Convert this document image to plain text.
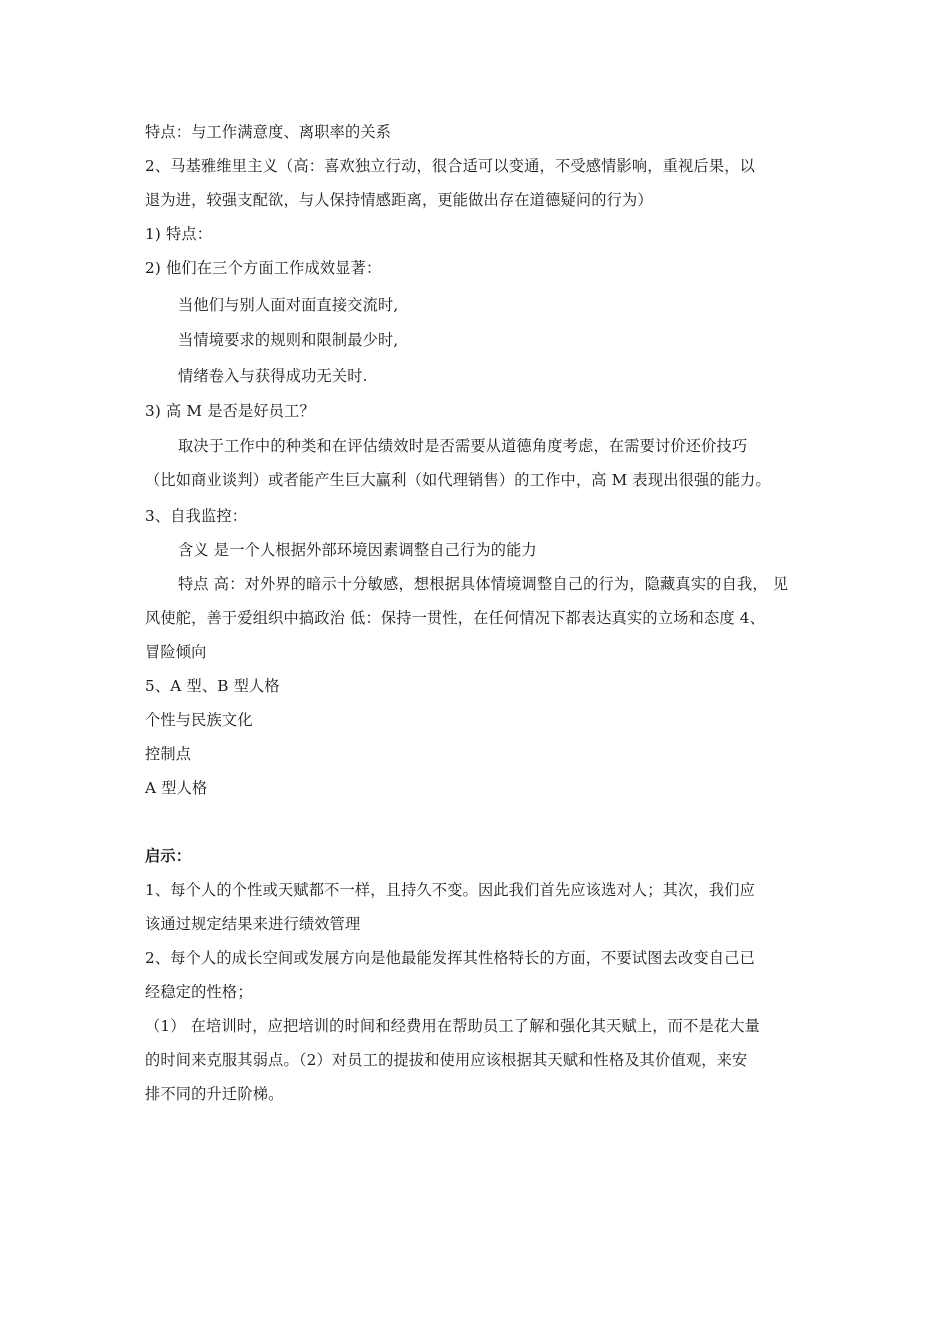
特点：与工作满意度、离职率的关系
2、马基雅维里主义（高：喜欢独立行动，很合适可以变通，不受感情影响，重视后果，以
退为进，较强支配欲，与人保持情感距离，更能做出存在道德疑问的行为）
1) 特点：
2) 他们在三个方面工作成效显著：
当他们与别人面对面直接交流时,
当情境要求的规则和限制最少时,
情绪卷入与获得成功无关时.
3) 高 M 是否是好员工？
取决于工作中的种类和在评估绩效时是否需要从道德角度考虑，在需要讨价还价技巧
（比如商业谈判）或者能产生巨大赢利（如代理销售）的工作中，高 M 表现出很强的能力。
3、自我监控：
含义 是一个人根据外部环境因素调整自己行为的能力
特点 高：对外界的暗示十分敏感，想根据具体情境调整自己的行为，隐藏真实的自我， 见
风使舵，善于爱组织中搞政治 低：保持一贯性，在任何情况下都表达真实的立场和态度 4、
冒险倾向
5、A 型、B 型人格
个性与民族文化
控制点
A 型人格
启示：
1、每个人的个性或天赋都不一样，且持久不变。因此我们首先应该选对人；其次，我们应
该通过规定结果来进行绩效管理
2、每个人的成长空间或发展方向是他最能发挥其性格特长的方面，不要试图去改变自己已
经稳定的性格；
（1） 在培训时，应把培训的时间和经费用在帮助员工了解和强化其天赋上，而不是花大量
的时间来克服其弱点。（2）对员工的提拔和使用应该根据其天赋和性格及其价值观，来安
排不同的升迁阶梯。
